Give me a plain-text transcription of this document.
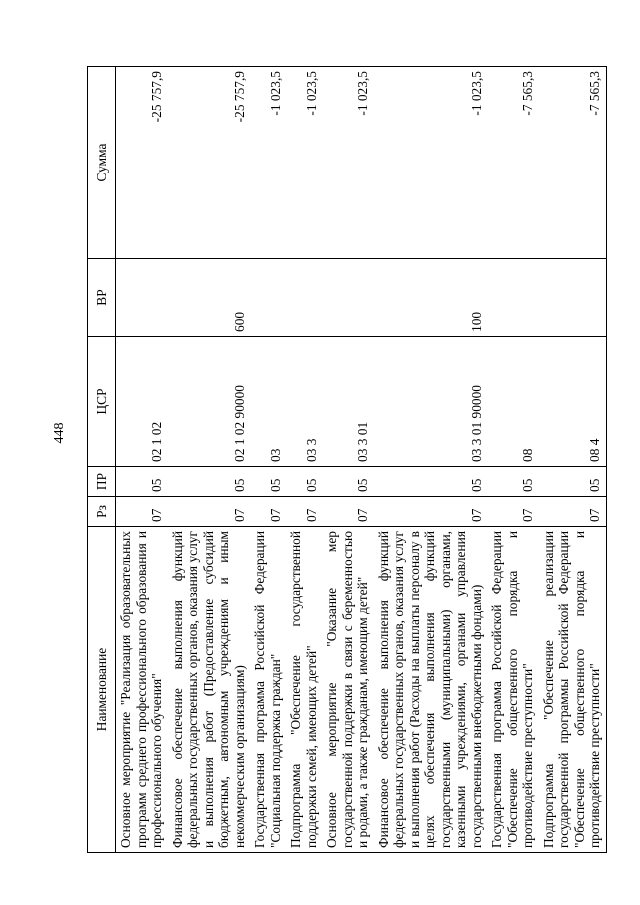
448
Наименование	Рз	ПР	ЦСР	ВР	Сумма
Основное мероприятие "Реализация образовательных программ среднего профессионального образования и профессионального обучения"	07	05	02 1 02		-25 757,9
Финансовое обеспечение выполнения функций федеральных государственных органов, оказания услуг и выполнения работ (Предоставление субсидий бюджетным, автономным учреждениям и иным некоммерческим организациям)	07	05	02 1 02 90000	600	-25 757,9
Государственная программа Российской Федерации "Социальная поддержка граждан"	07	05	03		-1 023,5
Подпрограмма "Обеспечение государственной поддержки семей, имеющих детей"	07	05	03 3		-1 023,5
Основное мероприятие "Оказание мер государственной поддержки в связи с беременностью и родами, а также гражданам, имеющим детей"	07	05	03 3 01		-1 023,5
Финансовое обеспечение выполнения функций федеральных государственных органов, оказания услуг и выполнения работ (Расходы на выплаты персоналу в целях обеспечения выполнения функций государственными (муниципальными) органами, казенными учреждениями, органами управления государственными внебюджетными фондами)	07	05	03 3 01 90000	100	-1 023,5
Государственная программа Российской Федерации "Обеспечение общественного порядка и противодействие преступности"	07	05	08		-7 565,3
Подпрограмма "Обеспечение реализации государственной программы Российской Федерации "Обеспечение общественного порядка и противодействие преступности"	07	05	08 4		-7 565,3
